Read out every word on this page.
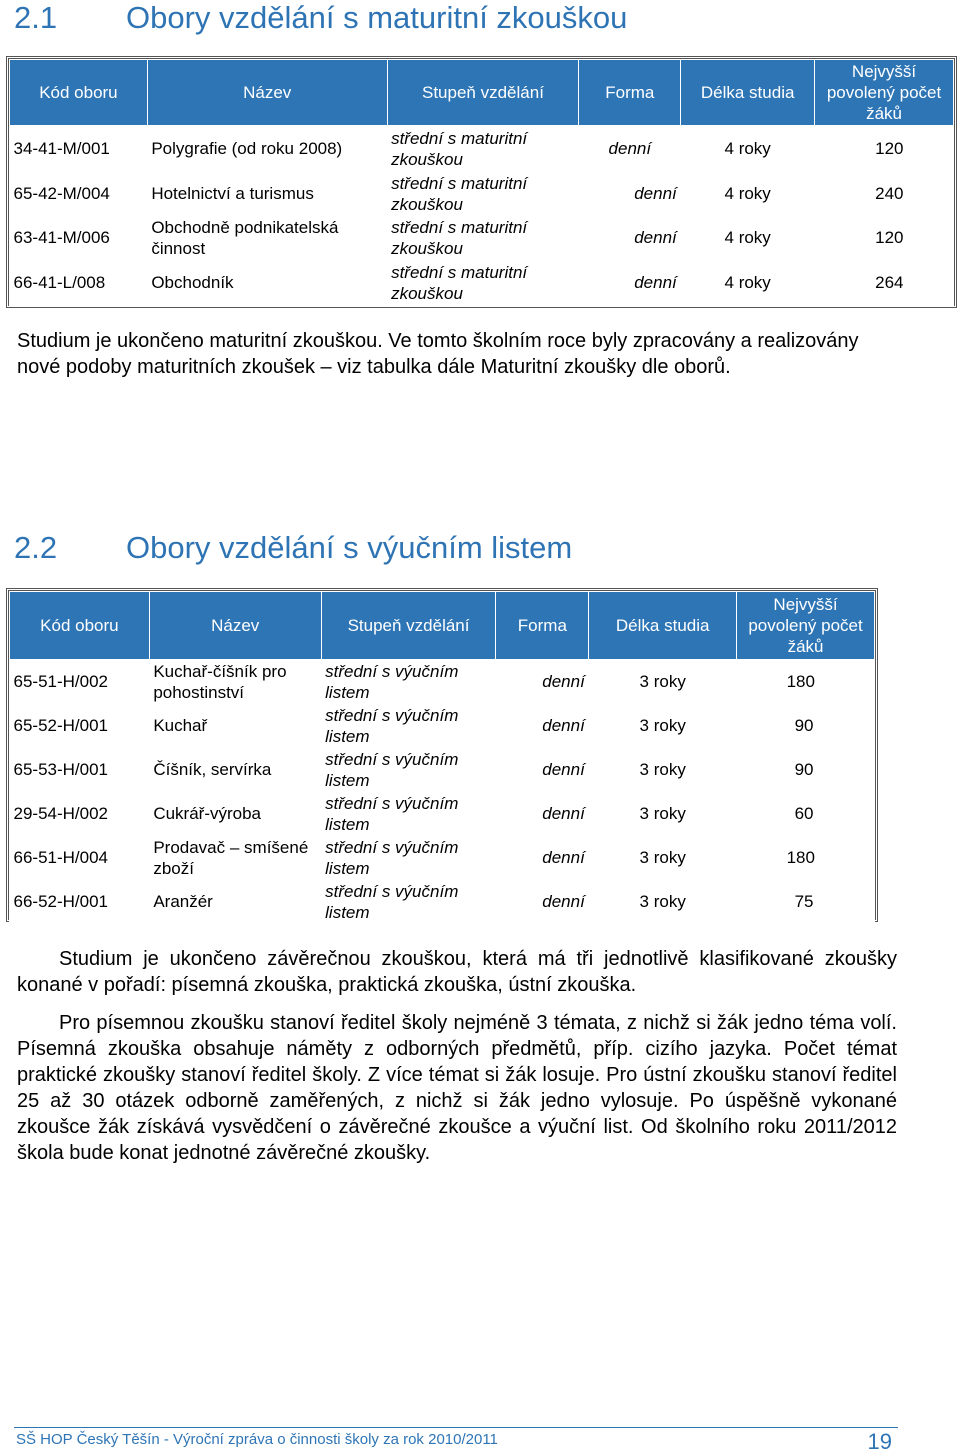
2.1 Obory vzdělání s maturitní zkouškou
Kód oboru	Název	Stupeň vzdělání	Forma	Délka studia	Nejvyšší povolený počet žáků
34-41-M/001	Polygrafie (od roku 2008)	střední s maturitní zkouškou	denní	4 roky	120
65-42-M/004	Hotelnictví a turismus	střední s maturitní zkouškou	denní	4 roky	240
63-41-M/006	Obchodně podnikatelská činnost	střední s maturitní zkouškou	denní	4 roky	120
66-41-L/008	Obchodník	střední s maturitní zkouškou	denní	4 roky	264
Studium je ukončeno maturitní zkouškou. Ve tomto školním roce byly zpracovány a realizovány nové podoby maturitních zkoušek – viz tabulka dále Maturitní zkoušky dle oborů.
2.2 Obory vzdělání s výučním listem
Kód oboru	Název	Stupeň vzdělání	Forma	Délka studia	Nejvyšší povolený počet žáků
65-51-H/002	Kuchař-číšník pro pohostinství	střední s výučním listem	denní	3 roky	180
65-52-H/001	Kuchař	střední s výučním listem	denní	3 roky	90
65-53-H/001	Číšník, servírka	střední s výučním listem	denní	3 roky	90
29-54-H/002	Cukrář-výroba	střední s výučním listem	denní	3 roky	60
66-51-H/004	Prodavač – smíšené zboží	střední s výučním listem	denní	3 roky	180
66-52-H/001	Aranžér	střední s výučním listem	denní	3 roky	75
Studium je ukončeno závěrečnou zkouškou, která má tři jednotlivě klasifikované zkoušky konané v pořadí: písemná zkouška, praktická zkouška, ústní zkouška.
Pro písemnou zkoušku stanoví ředitel školy nejméně 3 témata, z nichž si žák jedno téma volí. Písemná zkouška obsahuje náměty z odborných předmětů, příp. cizího jazyka. Počet témat praktické zkoušky stanoví ředitel školy. Z více témat si žák losuje. Pro ústní zkoušku stanoví ředitel 25 až 30 otázek odborně zaměřených, z nichž si žák jedno vylosuje. Po úspěšně vykonané zkoušce žák získává vysvědčení o závěrečné zkoušce a výuční list. Od školního roku 2011/2012 škola bude konat jednotné závěrečné zkoušky.
SŠ HOP Český Těšín - Výroční zpráva o činnosti školy za rok 2010/2011	19
